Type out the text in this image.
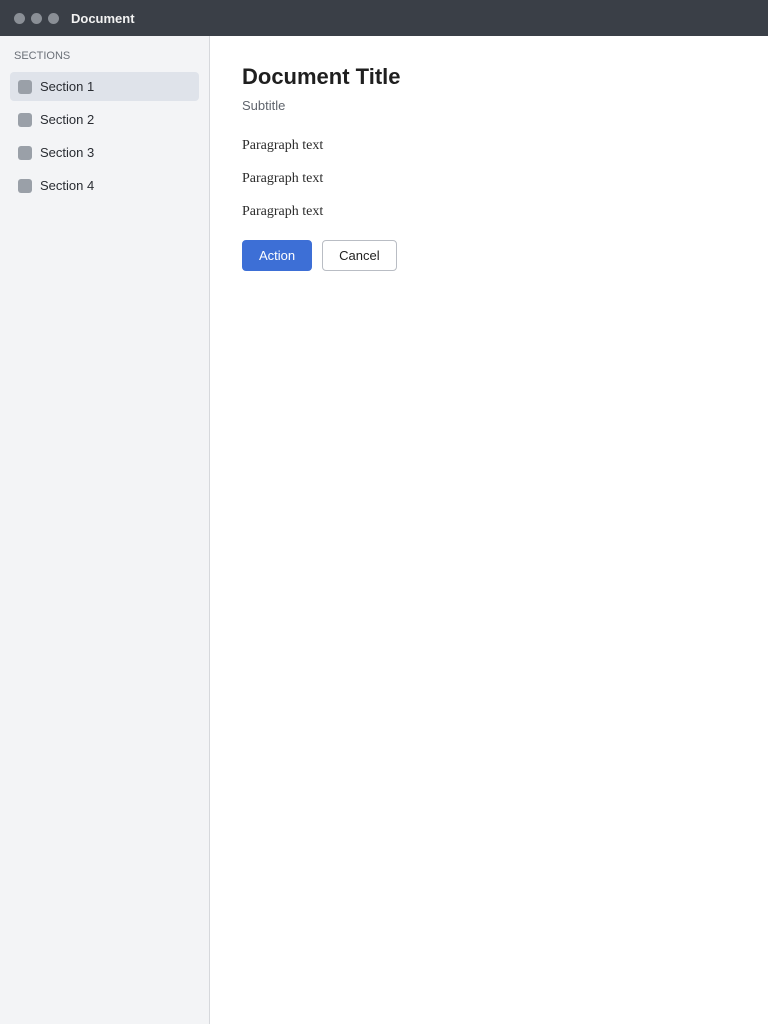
Document
SECTIONS
Section 1
Section 2
Section 3
Section 4
Document Title

Subtitle

Paragraph text

Paragraph text

Paragraph text

Action	Cancel
